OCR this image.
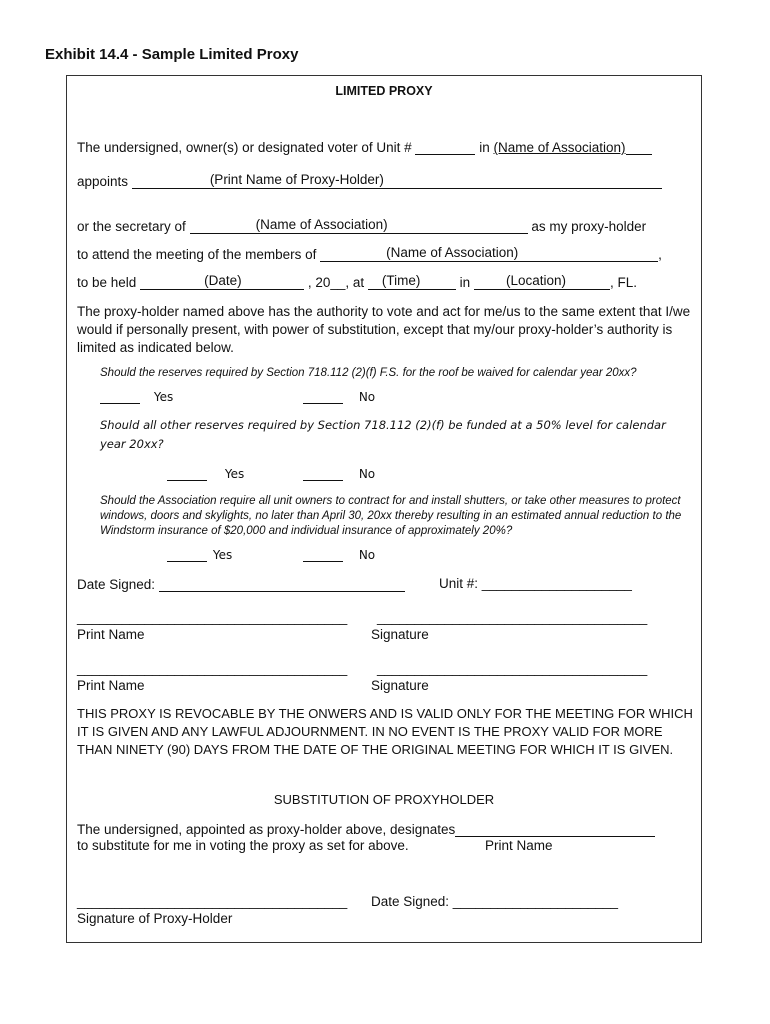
Exhibit 14.4 - Sample Limited Proxy
LIMITED PROXY
The undersigned, owner(s) or designated voter of Unit #	in (Name of Association)
appoints	(Print Name of Proxy-Holder)
or the secretary of	(Name of Association)	as my proxy-holder
to attend the meeting of the members of	(Name of Association)	,
to be held	(Date)	, 20__, at (Time)	in	(Location)	, FL.
The proxy-holder named above has the authority to vote and act for me/us to the same extent that I/we would if personally present, with power of substitution, except that my/our proxy-holder’s authority is limited as indicated below.
Should the reserves required by Section 718.112 (2)(f) F.S. for the roof be waived for calendar year 20xx?
Yes	No
Should all other reserves required by Section 718.112 (2)(f) be funded at a 50% level for calendar year 20xx?
Yes	No
Should the Association require all unit owners to contract for and install shutters, or take other measures to protect windows, doors and skylights, no later than April 30, 20xx thereby resulting in an estimated annual reduction to the Windstorm insurance of $20,000 and individual insurance of approximately 20%?
Yes	No
Date Signed:	Unit #: ____________________
____________________________________ ____________________________________
Print Name	Signature
____________________________________ ____________________________________
Print Name	Signature
THIS PROXY IS REVOCABLE BY THE ONWERS AND IS VALID ONLY FOR THE MEETING FOR WHICH IT IS GIVEN AND ANY LAWFUL ADJOURNMENT. IN NO EVENT IS THE PROXY VALID FOR MORE THAN NINETY (90) DAYS FROM THE DATE OF THE ORIGINAL MEETING FOR WHICH IT IS GIVEN.
SUBSTITUTION OF PROXYHOLDER
The undersigned, appointed as proxy-holder above, designates
to substitute for me in voting the proxy as set for above.	Print Name
____________________________________ Date Signed: ______________________
Signature of Proxy-Holder
